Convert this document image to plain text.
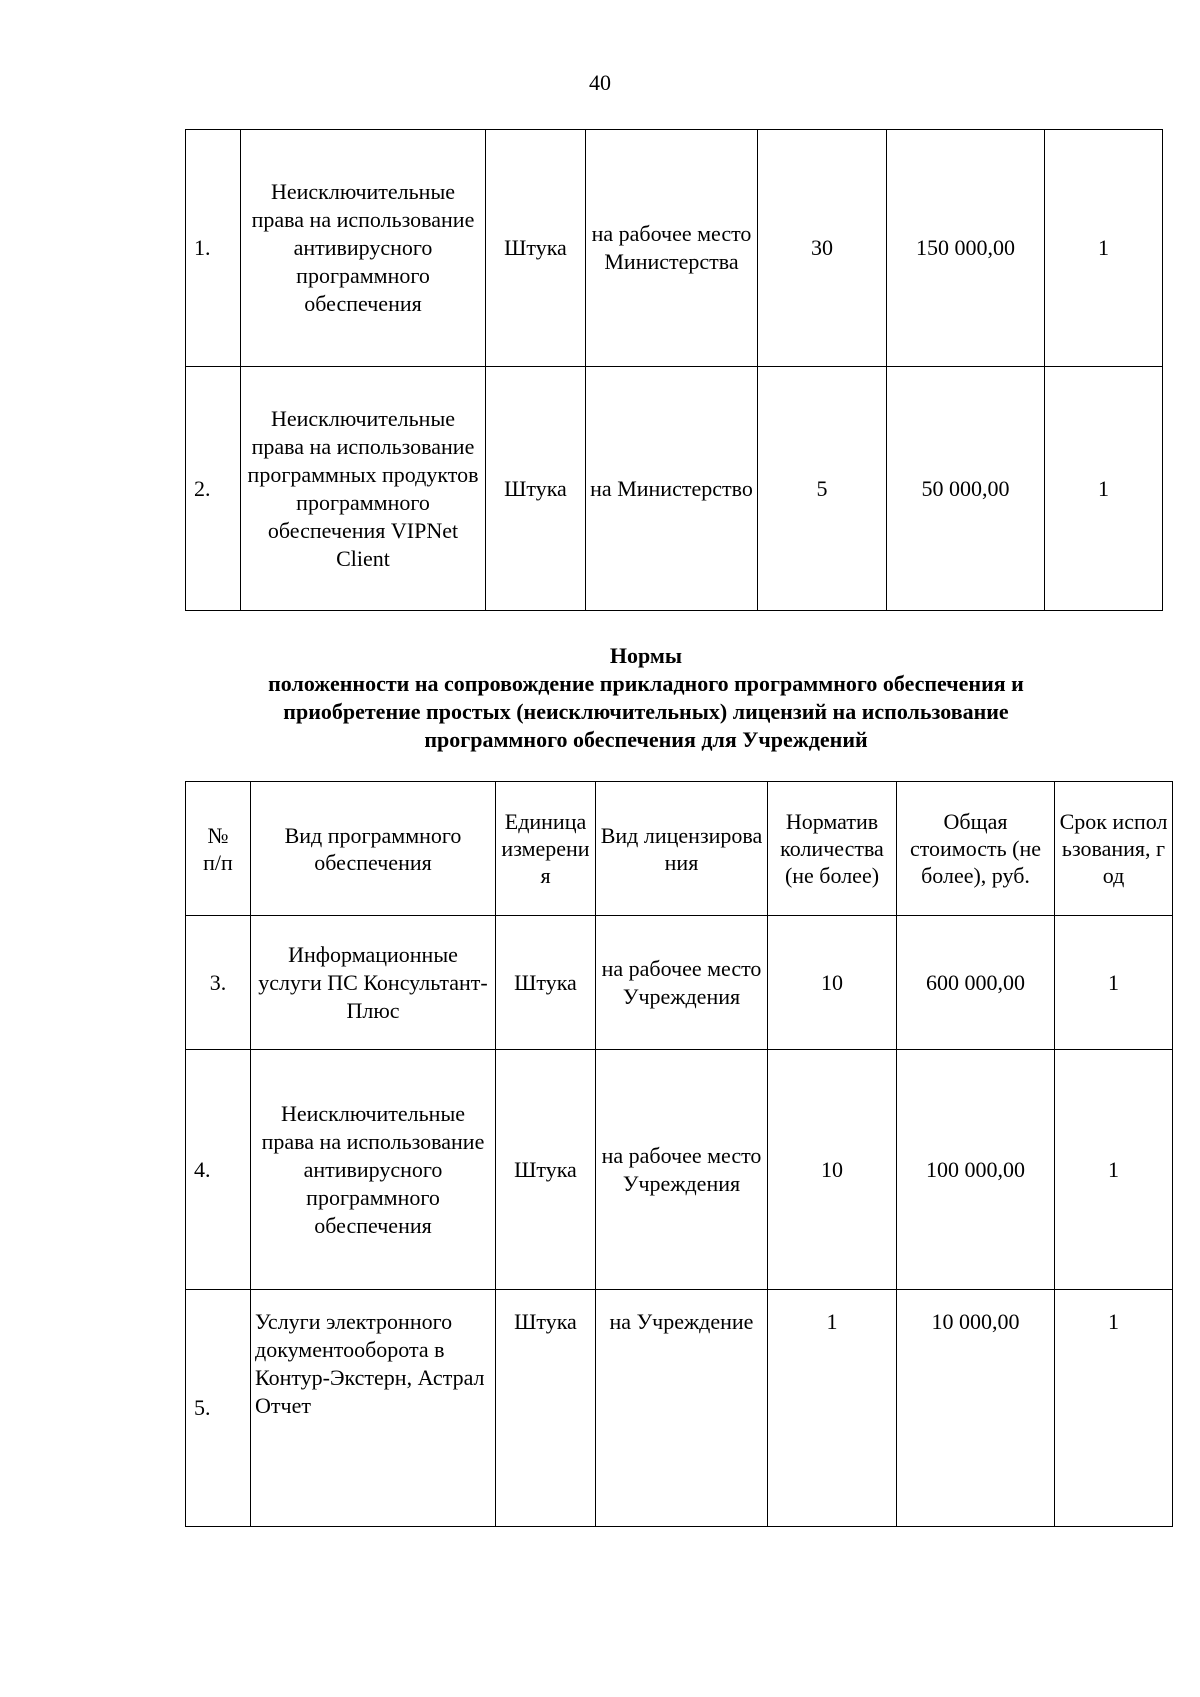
40
1.	Неисключительные права на использование антивирусного программного обеспечения	Штука	на рабочее место Министерства	30	150 000,00	1
2.	Неисключительные права на использование программных продуктов программного обеспечения VIPNet Client	Штука	на Министерство	5	50 000,00	1
Нормы
положенности на сопровождение прикладного программного обеспечения и
приобретение простых (неисключительных) лицензий на использование
программного обеспечения для Учреждений
№ п/п	Вид программного обеспечения	Единица измерения	Вид лицензирования	Норматив количества (не более)	Общая стоимость (не более), руб.	Срок использования, год
3.	Информационные услуги ПС Консультант-Плюс	Штука	на рабочее место Учреждения	10	600 000,00	1
4.	Неисключительные права на использование антивирусного программного обеспечения	Штука	на рабочее место Учреждения	10	100 000,00	1
5.	Услуги электронного документооборота в Контур-Экстерн, Астрал Отчет	Штука	на Учреждение	1	10 000,00	1
